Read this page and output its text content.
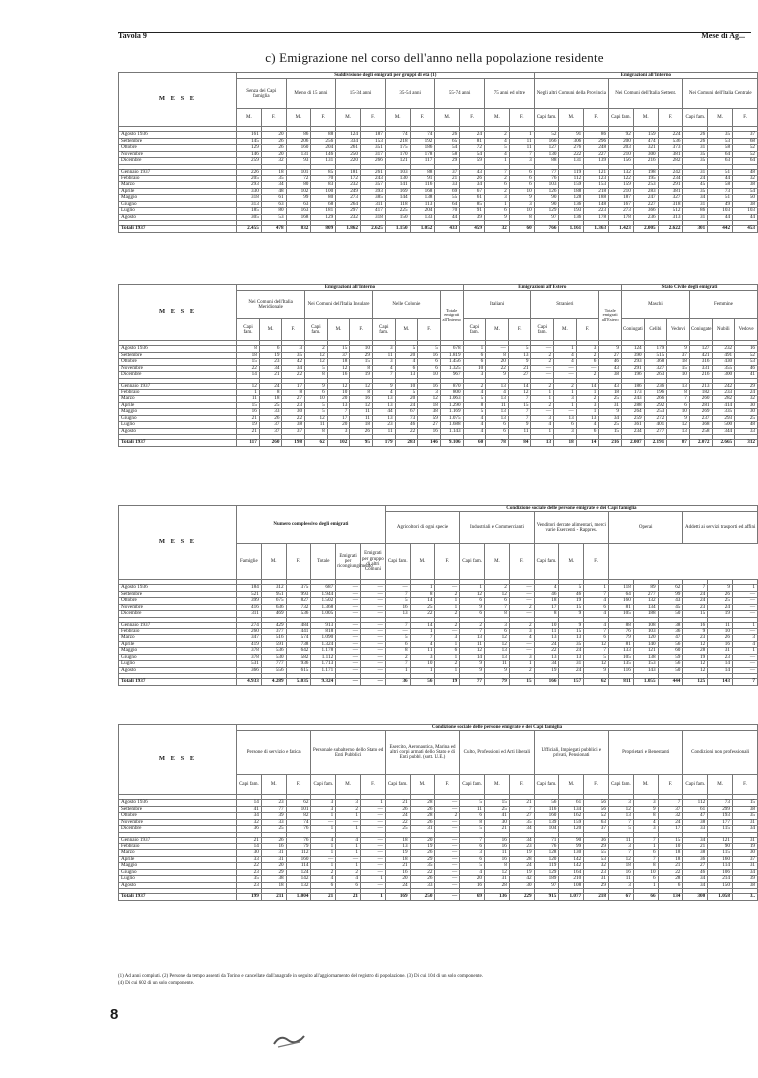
Tavola 9	Mese di Ag...
c) Emigrazione nel corso dell'anno nella popolazione residente
M E S E	Suddivisione degli emigrati per gruppi di età (1)												Emigrazioni all'Interno								
	Senza dei Capi famiglia		Meno di 15 anni		15-34 anni		35-54 anni		55-74 anni		75 anni ed oltre		Negli altri Comuni della Provincia			Nei Comuni dell'Italia Settent.			Nei Comuni dell'Italia Centrale		
	M.	F.	M.	F.	M.	F.	M.	F.	M.	F.	M.	F.	Capi fam.	M.	F.	Capi fam.	M.	F.	Capi fam.	M.	F.

Agosto 1936	161	20	86	88	124	187	74	74	26	24	2	1	52	91	86	92	159	224	26	35	37
Settembre	145	26	206	256	334	153	218	192	65	81	4	11	166	306	296	200	474	536	26	53	68
Ottobre	129	26	160	204	261	351	175	186	54	72	5	11	127	276	248	203	321	373	31	58	52
Novembre	146	20	131	146	250	317	170	178	58	54	4	7	130	222	227	210	300	381	35	64	52
Dicembre	259	32	93	131	220	266	121	117	29	59	1	3	88	131	139	156	216	282	35	63	64

Gennaio 1937	226	18	101	85	181	261	103	88	37	43	7	6	77	119	121	132	198	242	31	51	48
Febbraio	205	35	72	70	172	243	130	91	21	26	2	6	76	112	123	122	195	234	24	44	32
Marzo	293	34	80	83	232	357	141	116	33	34	6	6	103	159	153	159	253	291	45	58	38
Aprile	330	48	102	100	249	393	169	168	69	67	2	10	126	188	218	210	283	381	35	73	54
Maggio	318	61	99	80	273	385	144	138	55	61	3	9	90	128	188	187	247	327	34	51	50
Giugno	313	63	63	68	264	311	118	113	64	85	1	3	90	136	148	167	227	318	31	49	38
Luglio	185	80	163	181	297	417	225	204	70	91	6	10	129	193	223	273	366	512	86	103	103
Agosto	305	53	168	129	232	318	150	133	44	39	9	8	97	136	178	178	236	313	31	44	44

Totali 1937	2.455	478	832	809	1.862	2.625	1.150	1.052	433	459	32	60	766	1.161	1.363	1.423	2.005	2.622	301	442	453
M E S E	Emigrazioni all'Interno										Emigrazioni all'Estero							Stato Civile degli emigrati					
	Nei Comuni dell'Italia Meridionale			Nei Comuni dell'Italia Insulare			Nelle Colonie			Totale emigrati all'Interno	Italiani			Stranieri			Totale emigrati all'Estero	Maschi			Femmine		
	Capi fam.	M.	F.	Capi fam.	M.	F.	Capi fam.	M.	F.		Capi fam.	M.	F.	Capi fam.	M.	F.		Coniugati	Celibi	Vedovi	Coniugate	Nubili	Vedove

Agosto 1936	8	6	3	2	15	10	3	5	5	678	1	—	5	—	1	3	9	124	179	9	127	232	16
Settembre	18	19	35	12	37	29	11	20	16	1.819	6	8	13	2	4	2	27	390	515	37	421	491	52
Ottobre	15	23	42	12	18	15	3	4	6	1.456	6	20	9	2	4	6	46	293	368	18	316	430	53
Novembre	22	34	34	5	12	8	4	6	6	1.325	10	22	21	—	—	—	43	291	327	15	331	355	46
Dicembre	14	21	22	8	16	19	7	13	10	967	3	9	27	—	—	2	38	196	263	10	216	300	41

Gennaio 1937	12	24	17	9	12	12	9	10	16	870	2	13	14	2	2	14	43	186	236	13	213	242	29
Febbraio	1	8	8	6	10	8	4	5	3	800	4	4	12	1	1	1	18	173	196	8	182	233	24
Marzo	11	18	27	10	20	16	13	20	12	1.063	5	13	7	1	3	2	25	243	266	7	260	282	32
Aprile	15	25	23	5	13	12	13	24	18	1.290	8	11	15	2	1	3	31	288	292	6	281	414	30
Maggio	16	33	30	5	7	11	44	67	38	1.169	5	13	7	—	—	1	9	264	253	10	269	335	30
Giugno	21	26	22	12	17	11	13	73	59	1.075	4	13	7	3	13	13	34	259	272	9	237	293	25
Luglio	19	37	38	11	20	18	23	46	27	1.688	4	6	9	4	6	4	25	361	401	12	368	500	48
Agosto	21	37	37	8	3	26	11	22	16	1.143	4	6	11	1	3	6	15	234	277	13	258	344	33

Totali 1937	117	260	198	62	102	95	179	283	146	9.106	60	78	84	13	18	14	216	2.007	2.191	87	2.072	2.665	312
M E S E	Numero complessivo degli emigrati						Condizione sociale delle persone emigrate e dei Capi famiglia														
							Agricoltori di ogni specie			Industriali e Commercianti			Venditori derrate alimentari, merci varie Esercenti - Rappres.			Operai			Addetti ai servizi trasporti ed affini		
	Famiglie	M.	F.	Totale	Emigrati per ricongiungimento	Emigrati per gruppo di altri Comuni	Capi fam.	M.	F.	Capi fam.	M.	F.	Capi fam.	M.	F.						

Agosto 1936	184	312	375	687	—	—	—	1	—	1	2	—	4	5	1	118	89	62	7	9	1
Settembre	521	951	993	1.944	—	—	7	8	2	12	12	—	46	46	7	64	277	99	24	26	—
Ottobre	399	675	827	1.502	—	—	5	14	1	6	6	—	18	19	4	160	132	43	24	25	—
Novembre	416	636	732	1.368	—	—	16	25	1	9	7	2	17	15	6	81	134	45	23	24	—
Dicembre	311	469	536	1.005	—	—	13	22	2	6	8	—	8	9	4	105	188	50	15	19	—

Gennaio 1937	274	429	484	913	—	—	7	14	2	2	3	2	10	9	4	88	108	38	16	11	1
Febbraio	260	377	441	818	—	—	—	1	—	7	6	3	11	15	7	76	103	36	9	10	—
Marzo	347	516	574	1.090	—	—	5	7	3	13	12	4	13	13	6	79	120	47	23	26	3
Aprile	419	591	738	1.324	—	—	6	4	1	11	12	—	24	35	12	81	140	56	12	16	4
Maggio	378	536	642	1.178	—	—	8	11	6	12	13	—	22	24	7	133	121	60	28	31	1
Giugno	378	530	582	1.112	—	—	2	3	1	14	13	3	13	13	5	105	138	59	19	23	—
Luglio	531	777	936	1.713	—	—	7	10	2	9	11	1	34	31	12	135	153	56	12	14	—
Agosto	366	556	615	1.171	—	—	1	1	1	9	9	2	19	24	9	116	143	50	12	14	—

Totali 1937	4.933	4.289	5.035	9.324	—	—	36	56	19	77	79	15	166	157	62	811	1.055	444	125	143	7
M E S E	Condizione sociale delle persone emigrate e dei Capi famiglia																				
	Persone di servizio e fatica			Personale subalterno dello Stato ed Enti Pubblici			Esercito, Aeronautica, Marina ed altri corpi armati dello Stato e di Enti pubbl. (sott. U.E.)			Culto, Professioni ed Arti liberali			Ufficiali, Impiegati pubblici e privati, Pensionati			Proprietari e Benestanti			Condizioni non professionali		
	Capi fam.	M.	F.	Capi fam.	M.	F.	Capi fam.	M.	F.	Capi fam.	M.	F.	Capi fam.	M.	F.	Capi fam.	M.	F.	Capi fam.	M.	F.

Agosto 1936	14	23	62	3	3	1	21	28	—	5	15	21	56	61	56	3	3	7	112	73	15
Settembre	41	77	101	3	2	—	26	26	—	11	25	7	116	134	56	12	9	37	61	299	38
Ottobre	34	39	82	1	1	—	24	28	2	6	41	27	160	162	52	13	8	32	47	193	35
Novembre	32	33	74	—	—	—	22	26	—	8	30	35	139	159	63	7	4	24	38	177	31
Dicembre	36	25	76	1	1	—	25	31	—	5	21	34	104	120	37	5	3	17	33	115	34

Gennaio 1937	21	26	76	4	4	—	18	20	—	7	16	34	71	90	36	11	7	15	34	121	31
Febbraio	14	16	79	1	1	—	13	19	—	6	16	23	76	99	29	3	1	10	21	90	19
Marzo	30	31	112	1	1	—	19	26	—	3	11	19	128	130	55	7	6	18	38	115	30
Aprile	33	31	160	—	—	—	18	29	—	6	16	28	120	142	53	12	7	18	36	160	37
Maggio	22	20	114	1	1	—	21	35	—	5	8	24	119	142	32	18	8	21	27	114	31
Giugno	23	29	124	2	2	—	16	22	—	4	12	19	129	164	23	16	10	22	46	106	34
Luglio	35	38	142	4	4	1	20	26	—	20	31	42	189	210	31	11	6	28	34	214	39
Agosto	23	18	132	6	6	—	24	33	—	16	28	30	97	108	29	3	1	6	34	150	38

Totali 1937	199	211	1.004	21	21	1	169	250	—	69	136	229	915	1.077	218	67	66	134	300	1.058	3..
(1) Ad anni compiuti. (2) Persone da tempo assenti da Torino e cancellate dall'anagrafe in seguito all'aggiornamento del registro di popolazione. (3) Di cui 104 di un solo componente.
(4) Di cui 602 di un solo componente.
8
